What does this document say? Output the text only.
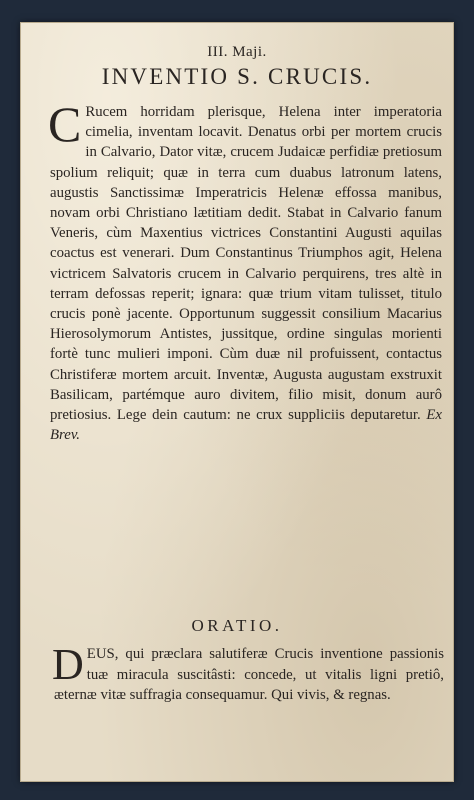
III. Maji.
INVENTIO S. CRUCIS.

C Rucem horridam plerisque, Helena inter imperatoria cimelia, inventam locavit. Denatus orbi per mortem crucis in Calvario, Dator vitæ, crucem Judaicæ perfidiæ pretiosum spolium reliquit; quæ in terra cum duabus latronum latens, augustis Sanctissimæ Imperatricis Helenæ effossa manibus, novam orbi Christiano lætitiam dedit. Stabat in Calvario fanum Veneris, cùm Maxentius victrices Constantini Augusti aquilas coactus est venerari. Dum Constantinus Triumphos agit, Helena victricem Salvatoris crucem in Calvario perquirens, tres altè in terram defossas reperit; ignara: quæ trium vitam tulisset, titulo crucis ponè jacente. Opportunum suggessit consilium Macarius Hierosolymorum Antistes, jussitque, ordine singulas morienti fortè tunc mulieri imponi. Cùm duæ nil profuissent, contactus Christiferæ mortem arcuit. Inventæ, Augusta augustam exstruxit Basilicam, partémque auro divitem, filio misit, donum aurô pretiosius. Lege dein cautum: ne crux suppliciis deputaretur. Ex Brev.

ORATIO.

DEUS, qui præclara salutiferæ Crucis inventione passionis tuæ miracula suscitâsti: concede, ut vitalis ligni pretiô, æternæ vitæ suffragia consequamur. Qui vivis, & regnas.
